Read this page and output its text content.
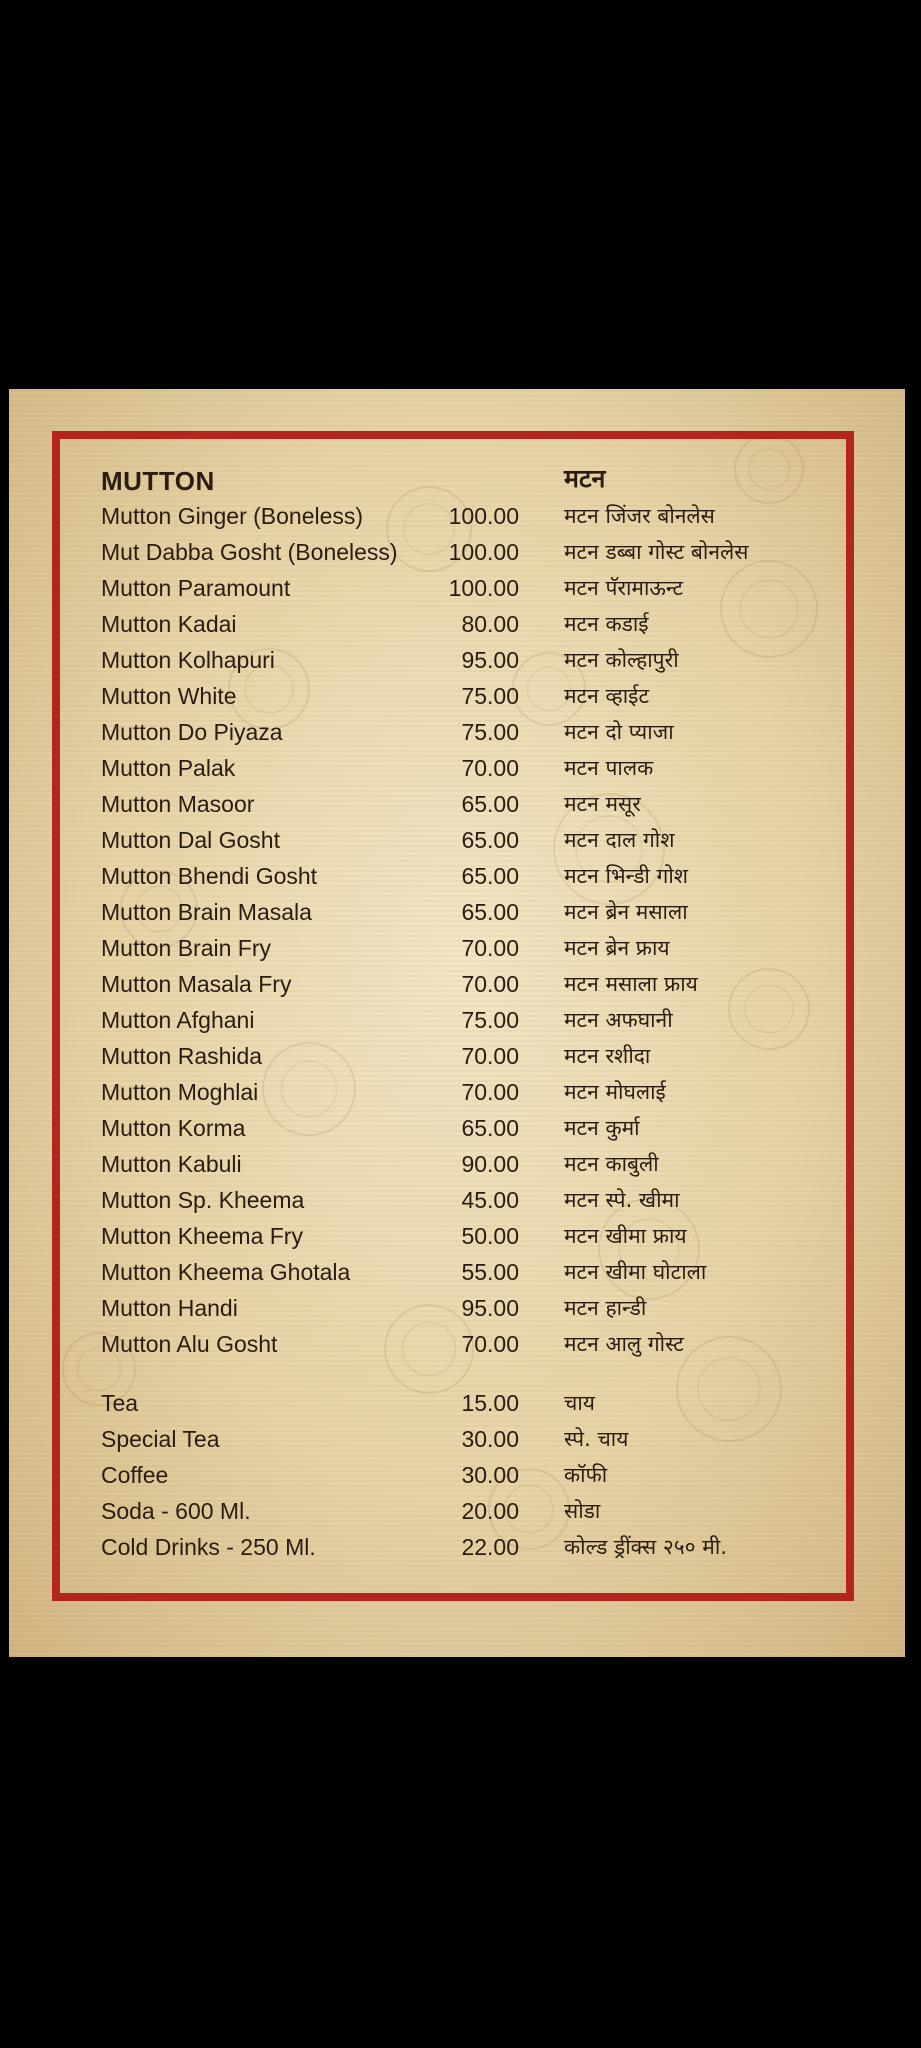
MUTTON	मटन
Mutton Ginger (Boneless)	100.00 मटन जिंजर बोनलेस
Mut Dabba Gosht (Boneless)	100.00 मटन डब्बा गोस्ट बोनलेस
Mutton Paramount	100.00 मटन पॅरामाऊन्ट
Mutton Kadai	80.00 मटन कडाई
Mutton Kolhapuri	95.00 मटन कोल्हापुरी
Mutton White	75.00 मटन व्हाईट
Mutton Do Piyaza	75.00 मटन दो प्याजा
Mutton Palak	70.00 मटन पालक
Mutton Masoor	65.00 मटन मसूर
Mutton Dal Gosht	65.00 मटन दाल गोश
Mutton Bhendi Gosht	65.00 मटन भिन्डी गोश
Mutton Brain Masala	65.00 मटन ब्रेन मसाला
Mutton Brain Fry	70.00 मटन ब्रेन फ्राय
Mutton Masala Fry	70.00 मटन मसाला फ्राय
Mutton Afghani	75.00 मटन अफघानी
Mutton Rashida	70.00 मटन रशीदा
Mutton Moghlai	70.00 मटन मोघलाई
Mutton Korma	65.00 मटन कुर्मा
Mutton Kabuli	90.00 मटन काबुली
Mutton Sp. Kheema	45.00 मटन स्पे. खीमा
Mutton Kheema Fry	50.00 मटन खीमा फ्राय
Mutton Kheema Ghotala	55.00 मटन खीमा घोटाला
Mutton Handi	95.00 मटन हान्डी
Mutton Alu Gosht	70.00 मटन आलु गोस्ट
Tea	15.00 चाय
Special Tea	30.00 स्पे. चाय
Coffee	30.00 कॉफी
Soda - 600 Ml.	20.00 सोडा
Cold Drinks - 250 Ml.	22.00 कोल्ड ड्रींक्स २५० मी.
